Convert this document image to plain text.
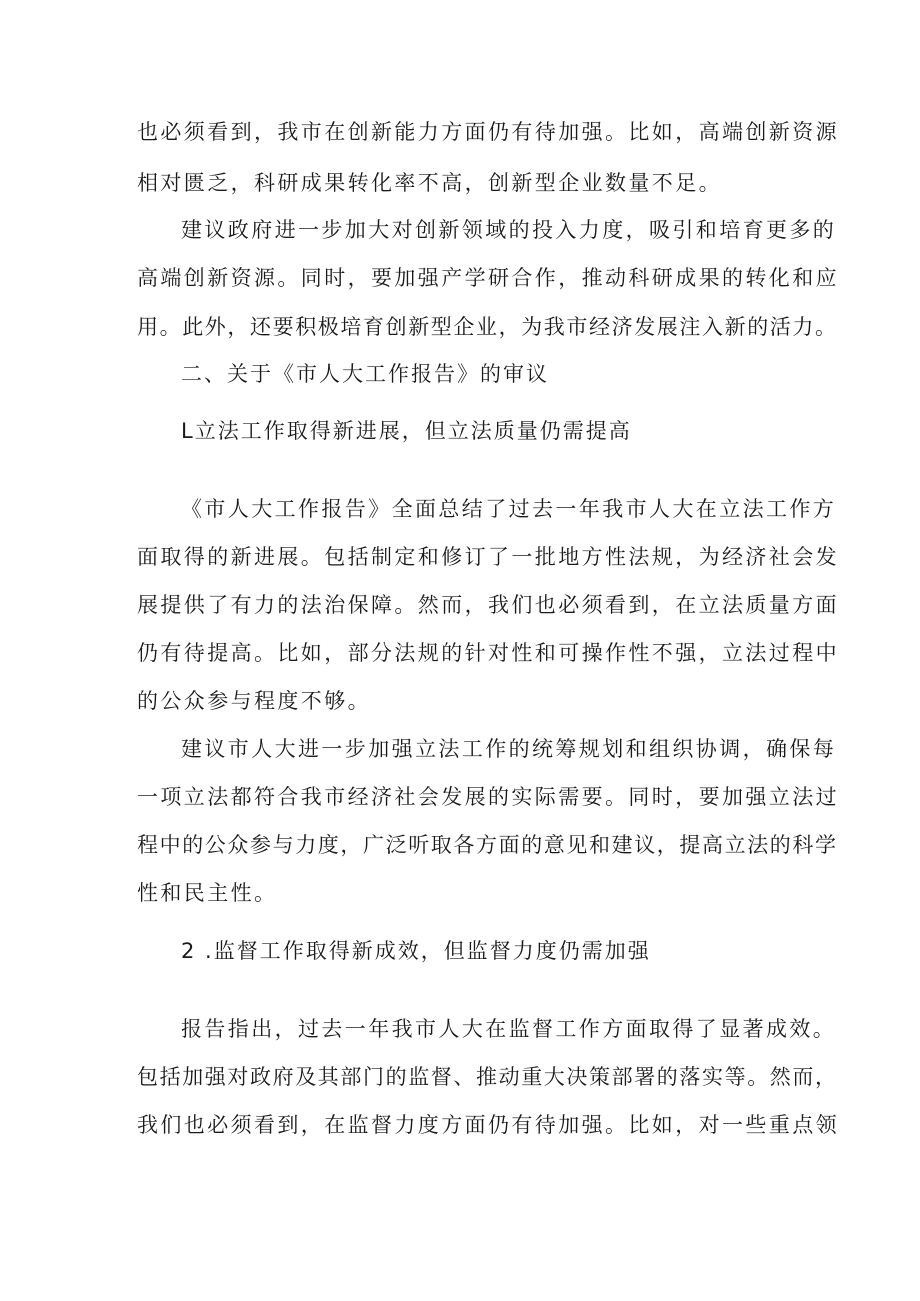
也必须看到，我市在创新能力方面仍有待加强。比如，高端创新资源
相对匮乏，科研成果转化率不高，创新型企业数量不足。
建议政府进一步加大对创新领域的投入力度，吸引和培育更多的
高端创新资源。同时，要加强产学研合作，推动科研成果的转化和应
用。此外，还要积极培育创新型企业，为我市经济发展注入新的活力。
二、关于《市人大工作报告》的审议
L立法工作取得新进展，但立法质量仍需提高
《市人大工作报告》全面总结了过去一年我市人大在立法工作方
面取得的新进展。包括制定和修订了一批地方性法规，为经济社会发
展提供了有力的法治保障。然而，我们也必须看到，在立法质量方面
仍有待提高。比如，部分法规的针对性和可操作性不强，立法过程中
的公众参与程度不够。
建议市人大进一步加强立法工作的统筹规划和组织协调，确保每
一项立法都符合我市经济社会发展的实际需要。同时，要加强立法过
程中的公众参与力度，广泛听取各方面的意见和建议，提高立法的科学
性和民主性。
2 .监督工作取得新成效，但监督力度仍需加强
报告指出，过去一年我市人大在监督工作方面取得了显著成效。
包括加强对政府及其部门的监督、推动重大决策部署的落实等。然而，
我们也必须看到，在监督力度方面仍有待加强。比如，对一些重点领
